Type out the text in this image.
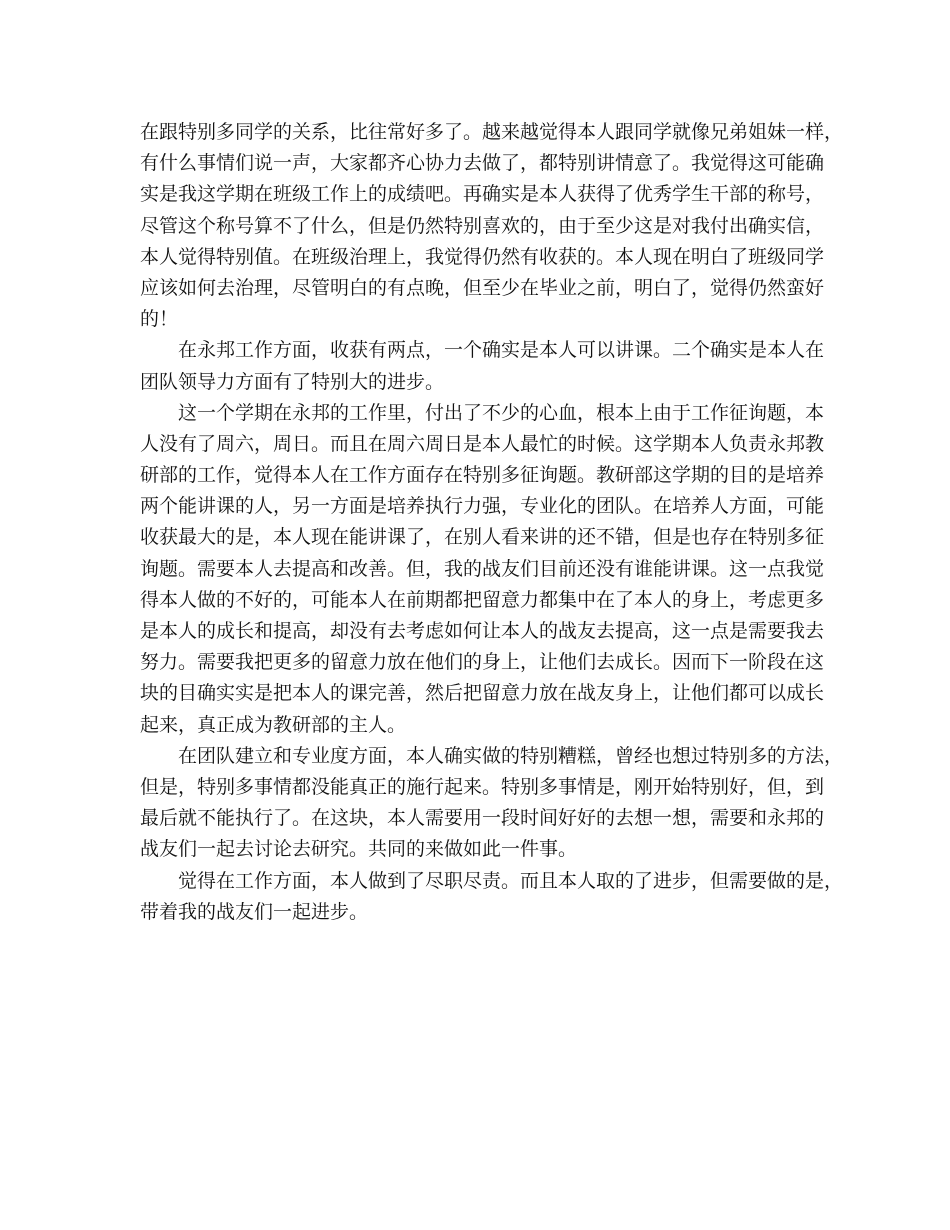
在跟特别多同学的关系，比往常好多了。越来越觉得本人跟同学就像兄弟姐妹一样，
有什么事情们说一声，大家都齐心协力去做了，都特别讲情意了。我觉得这可能确
实是我这学期在班级工作上的成绩吧。再确实是本人获得了优秀学生干部的称号，
尽管这个称号算不了什么，但是仍然特别喜欢的，由于至少这是对我付出确实信，
本人觉得特别值。在班级治理上，我觉得仍然有收获的。本人现在明白了班级同学
应该如何去治理，尽管明白的有点晚，但至少在毕业之前，明白了，觉得仍然蛮好
的！
在永邦工作方面，收获有两点，一个确实是本人可以讲课。二个确实是本人在
团队领导力方面有了特别大的进步。
这一个学期在永邦的工作里，付出了不少的心血，根本上由于工作征询题，本
人没有了周六，周日。而且在周六周日是本人最忙的时候。这学期本人负责永邦教
研部的工作，觉得本人在工作方面存在特别多征询题。教研部这学期的目的是培养
两个能讲课的人，另一方面是培养执行力强，专业化的团队。在培养人方面，可能
收获最大的是，本人现在能讲课了，在别人看来讲的还不错，但是也存在特别多征
询题。需要本人去提高和改善。但，我的战友们目前还没有谁能讲课。这一点我觉
得本人做的不好的，可能本人在前期都把留意力都集中在了本人的身上，考虑更多
是本人的成长和提高，却没有去考虑如何让本人的战友去提高，这一点是需要我去
努力。需要我把更多的留意力放在他们的身上，让他们去成长。因而下一阶段在这
块的目确实实是把本人的课完善，然后把留意力放在战友身上，让他们都可以成长
起来，真正成为教研部的主人。
在团队建立和专业度方面，本人确实做的特别糟糕，曾经也想过特别多的方法，
但是，特别多事情都没能真正的施行起来。特别多事情是，刚开始特别好，但，到
最后就不能执行了。在这块，本人需要用一段时间好好的去想一想，需要和永邦的
战友们一起去讨论去研究。共同的来做如此一件事。
觉得在工作方面，本人做到了尽职尽责。而且本人取的了进步，但需要做的是，
带着我的战友们一起进步。
